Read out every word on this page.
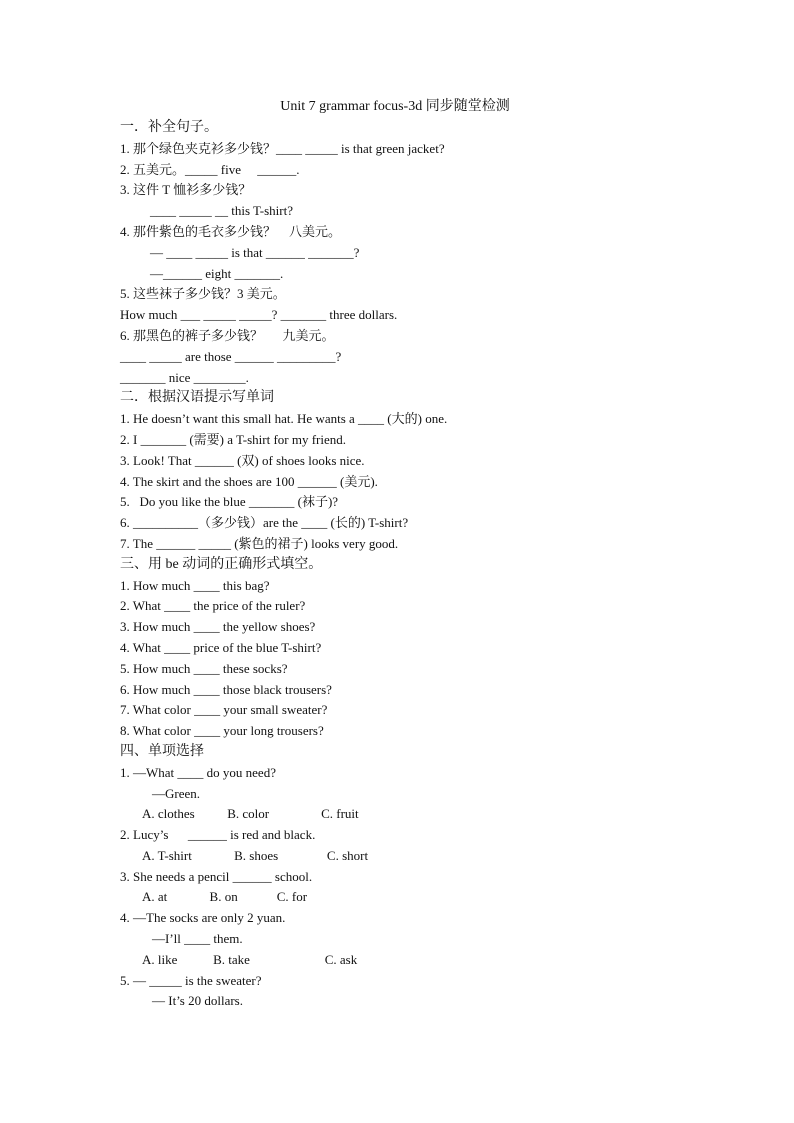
Unit 7 grammar focus-3d 同步随堂检测
一．补全句子。
1. 那个绿色夹克衫多少钱？____ _____ is that green jacket?
2. 五美元。_____ five     ______.
3. 这件 T 恤衫多少钱？
____ _____ __ this T-shirt?
4. 那件紫色的毛衣多少钱？    八美元。
— ____ _____ is that ______ _______?
—______ eight _______.
5. 这些袜子多少钱？3 美元。
How much ___ _____ _____? _______ three dollars.
6. 那黑色的裤子多少钱？      九美元。
____ _____ are those ______ _________?
_______ nice ________.
二．根据汉语提示写单词
1. He doesn’t want this small hat. He wants a ____ (大的) one.
2. I _______ (需要) a T-shirt for my friend.
3. Look! That ______ (双) of shoes looks nice.
4. The skirt and the shoes are 100 ______ (美元).
5.   Do you like the blue _______ (袜子)?
6. __________（多少钱）are the ____ (长的) T-shirt?
7. The ______ _____ (紫色的裙子) looks very good.
三、用 be 动词的正确形式填空。
1. How much ____ this bag?
2. What ____ the price of the ruler?
3. How much ____ the yellow shoes?
4. What ____ price of the blue T-shirt?
5. How much ____ these socks?
6. How much ____ those black trousers?
7. What color ____ your small sweater?
8. What color ____ your long trousers?
四、单项选择
1. —What ____ do you need?
—Green.
A. clothes          B. color                C. fruit
2. Lucy’s      ______ is red and black.
A. T-shirt             B. shoes               C. short
3. She needs a pencil ______ school.
A. at             B. on            C. for
4. —The socks are only 2 yuan.
—I’ll ____ them.
A. like           B. take                       C. ask
5. — _____ is the sweater?
— It’s 20 dollars.
